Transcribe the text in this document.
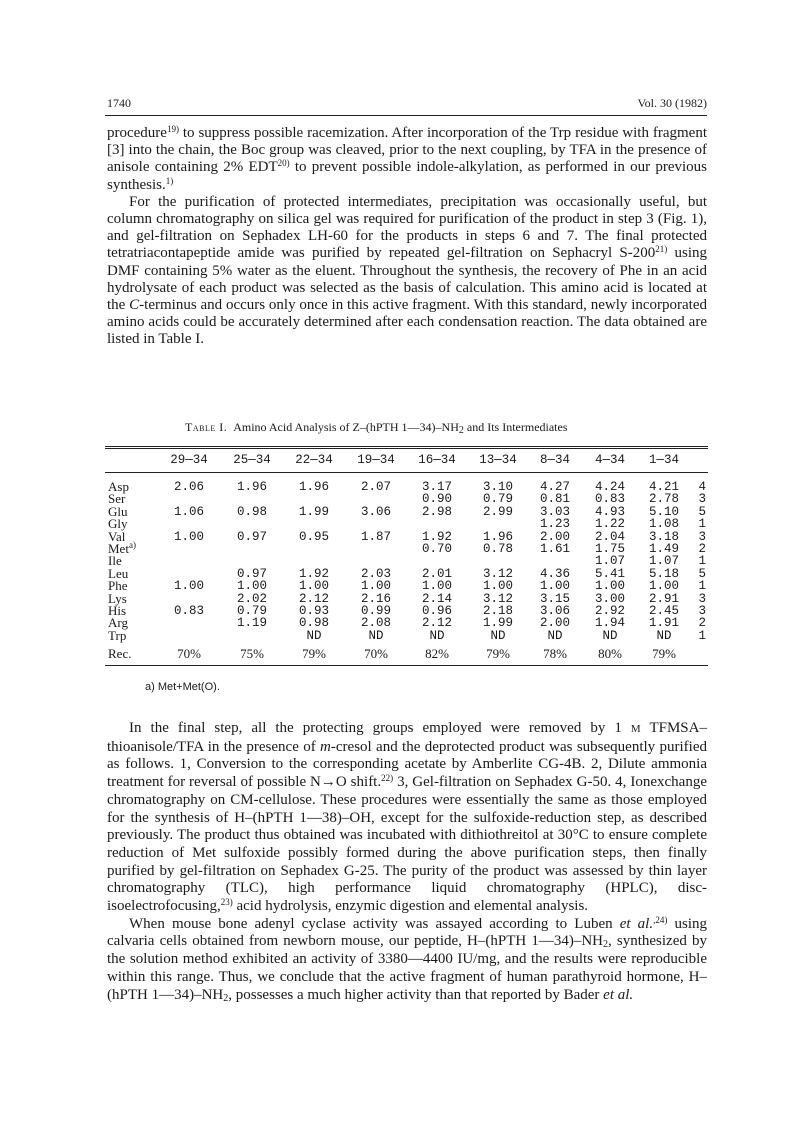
1740	Vol. 30 (1982)

procedure$^{19)}$ to suppress possible racemization. After incorporation of the Trp residue with fragment [3] into the chain, the Boc group was cleaved, prior to the next coupling, by TFA in the presence of anisole containing 2% EDT$^{20)}$ to prevent possible indole-alkylation, as performed in our previous synthesis.$^{1)}$

For the purification of protected intermediates, precipitation was occasionally useful, but column chromatography on silica gel was required for purification of the product in step 3 (Fig. 1), and gel-filtration on Sephadex LH-60 for the products in steps 6 and 7. The final protected tetratriacontapeptide amide was purified by repeated gel-filtration on Sephacryl S-200$^{21)}$ using DMF containing 5% water as the eluent. Throughout the synthesis, the recovery of Phe in an acid hydrolysate of each product was selected as the basis of calculation. This amino acid is located at the C-terminus and occurs only once in this active fragment. With this standard, newly incorporated amino acids could be accurately determined after each condensation reaction. The data obtained are listed in Table I.

Table I. Amino Acid Analysis of Z–(hPTH $1—34)-NH_2$ and Its Intermediates
	29—34	25—34	22—34	19—34	16—34	13—34	8—34	4—34	1—34	
Asp	2.06	1.96	1.96	2.07	3.17	3.10	4.27	4.24	4.21	4
Ser					0.90	0.79	0.81	0.83	2.78	3
Glu	1.06	0.98	1.99	3.06	2.98	2.99	3.03	4.93	5.10	5
Gly							1.23	1.22	1.08	1
Val	1.00	0.97	0.95	1.87	1.92	1.96	2.00	2.04	3.18	3
Met$^{a)}$					0.70	0.78	1.61	1.75	1.49	2
Ile								1.07	1.07	1
Leu		0.97	1.92	2.03	2.01	3.12	4.36	5.41	5.18	5
Phe	1.00	1.00	1.00	1.00	1.00	1.00	1.00	1.00	1.00	1
Lys		2.02	2.12	2.16	2.14	3.12	3.15	3.00	2.91	3
His	0.83	0.79	0.93	0.99	0.96	2.18	3.06	2.92	2.45	3
Arg		1.19	0.98	2.08	2.12	1.99	2.00	1.94	1.91	2
Trp			ND	ND	ND	ND	ND	ND	ND	1
Rec.	70%	75%	79%	70%	82%	79%	78%	80%	79%	
a) Met+Met(O).

In the final step, all the protecting groups employed were removed by 1 M TFMSA–thioanisole/TFA in the presence of m-cresol and the deprotected product was subsequently purified as follows. 1, Conversion to the corresponding acetate by Amberlite CG-4B. 2, Dilute ammonia treatment for reversal of possible N→O shift.$^{22)}$ 3, Gel-filtration on Sephadex G-50. 4, Ionexchange chromatography on CM-cellulose. These procedures were essentially the same as those employed for the synthesis of H–(hPTH 1—38)–OH, except for the sulfoxide-reduction step, as described previously. The product thus obtained was incubated with dithiothreitol at 30°C to ensure complete reduction of Met sulfoxide possibly formed during the above purification steps, then finally purified by gel-filtration on Sephadex G-25. The purity of the product was assessed by thin layer chromatography (TLC), high performance liquid chromatography (HPLC), disc-isoelectrofocusing,$^{23)}$ acid hydrolysis, enzymic digestion and elemental analysis.

When mouse bone adenyl cyclase activity was assayed according to Luben et al.$^{,24)}$ using calvaria cells obtained from newborn mouse, our peptide, H–(hPTH $1—34)-NH_2$, synthesized by the solution method exhibited an activity of 3380—4400 IU/mg, and the results were reproducible within this range. Thus, we conclude that the active fragment of human parathyroid hormone, H–(hPTH $1—34)-NH_2$, possesses a much higher activity than that reported by Bader et al.
